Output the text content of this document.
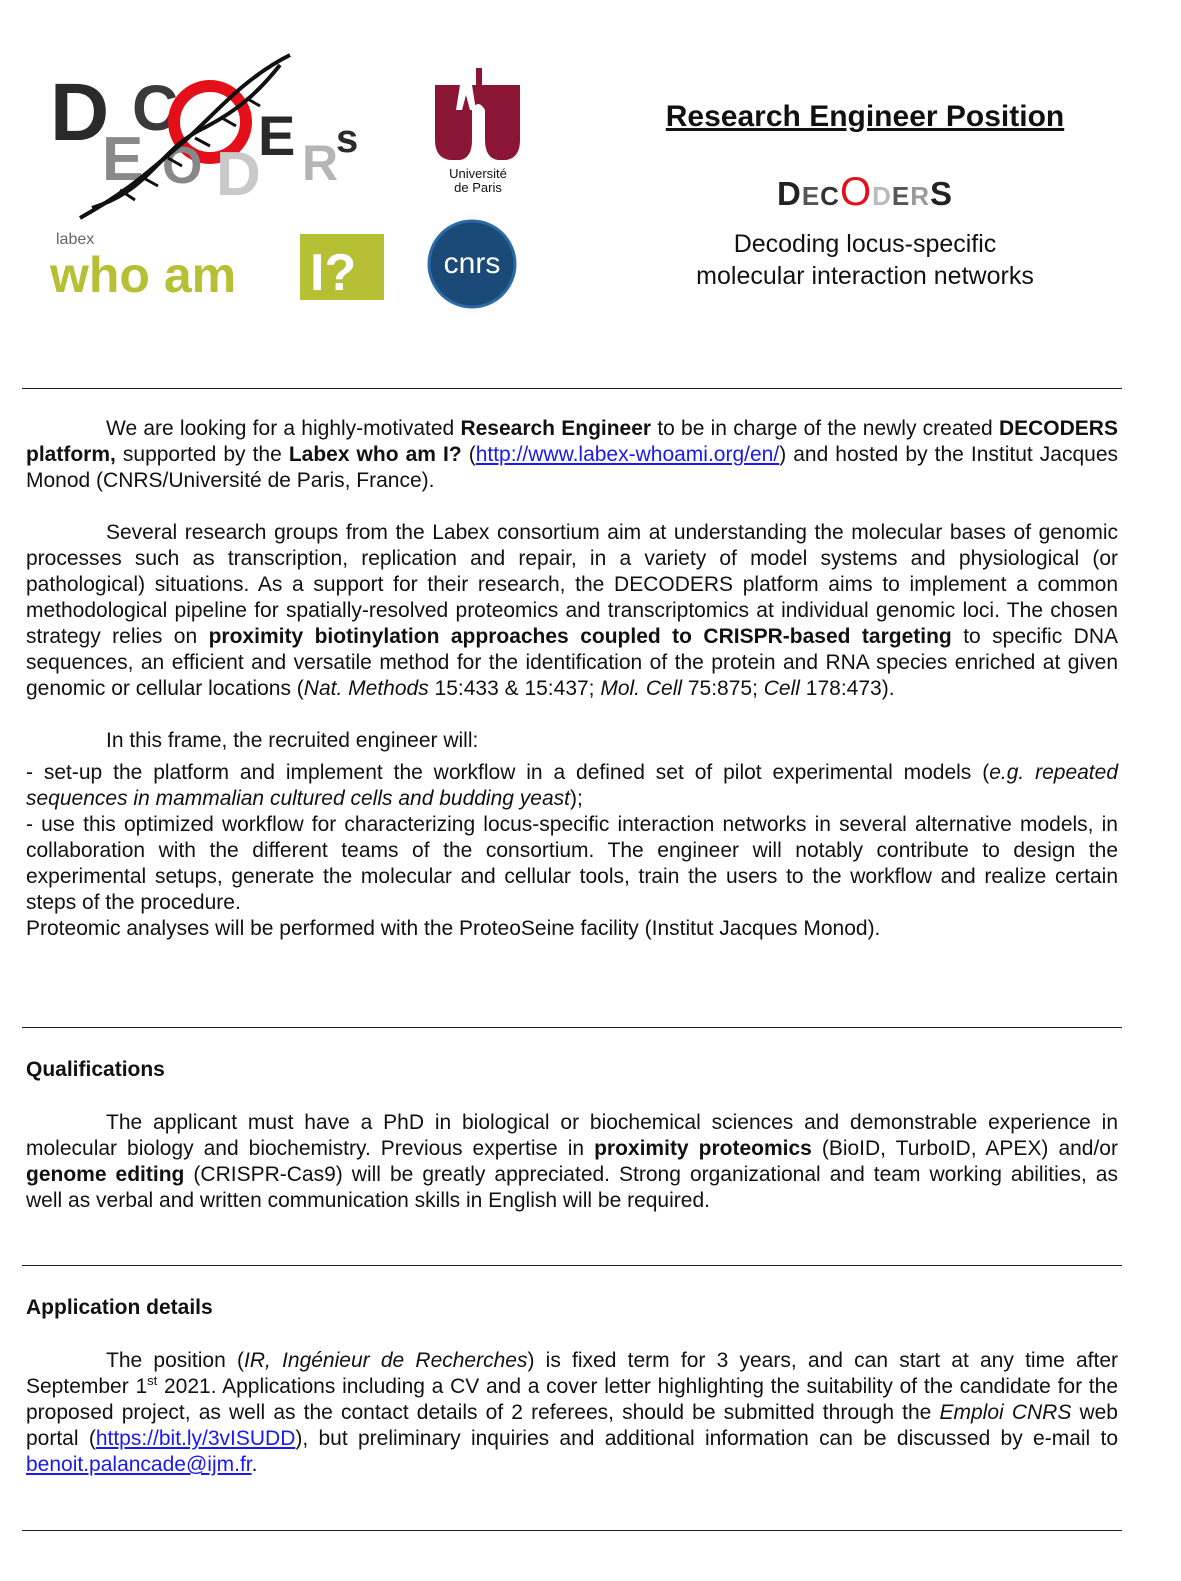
D
E
C
O D
E R
s
Université
de Paris
labex
who am I?	cnrs
Research Engineer Position
DECODERS
Decoding locus-specific
molecular interaction networks

We are looking for a highly-motivated Research Engineer to be in charge of the newly created DECODERS platform, supported by the Labex who am I? (http://www.labex-whoami.org/en/) and hosted by the Institut Jacques Monod (CNRS/Université de Paris, France).

Several research groups from the Labex consortium aim at understanding the molecular bases of genomic processes such as transcription, replication and repair, in a variety of model systems and physiological (or pathological) situations. As a support for their research, the DECODERS platform aims to implement a common methodological pipeline for spatially-resolved proteomics and transcriptomics at individual genomic loci. The chosen strategy relies on proximity biotinylation approaches coupled to CRISPR-based targeting to specific DNA sequences, an efficient and versatile method for the identification of the protein and RNA species enriched at given genomic or cellular locations (Nat. Methods 15:433 & 15:437; Mol. Cell 75:875; Cell 178:473).

In this frame, the recruited engineer will:

- set-up the platform and implement the workflow in a defined set of pilot experimental models (e.g. repeated sequences in mammalian cultured cells and budding yeast);

- use this optimized workflow for characterizing locus-specific interaction networks in several alternative models, in collaboration with the different teams of the consortium. The engineer will notably contribute to design the experimental setups, generate the molecular and cellular tools, train the users to the workflow and realize certain steps of the procedure.

Proteomic analyses will be performed with the ProteoSeine facility (Institut Jacques Monod).

Qualifications

The applicant must have a PhD in biological or biochemical sciences and demonstrable experience in molecular biology and biochemistry. Previous expertise in proximity proteomics (BioID, TurboID, APEX) and/or genome editing (CRISPR-Cas9) will be greatly appreciated. Strong organizational and team working abilities, as well as verbal and written communication skills in English will be required.

Application details

The position (IR, Ingénieur de Recherches) is fixed term for 3 years, and can start at any time after September 1st 2021. Applications including a CV and a cover letter highlighting the suitability of the candidate for the proposed project, as well as the contact details of 2 referees, should be submitted through the Emploi CNRS web portal (https://bit.ly/3vISUDD), but preliminary inquiries and additional information can be discussed by e-mail to benoit.palancade@ijm.fr.
